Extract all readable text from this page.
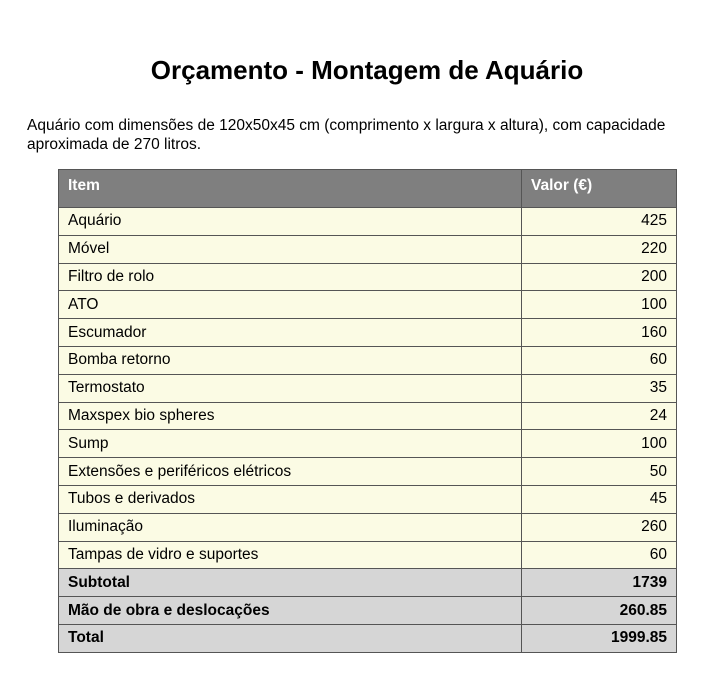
Orçamento - Montagem de Aquário

Aquário com dimensões de 120x50x45 cm (comprimento x largura x altura), com capacidade aproximada de 270 litros.

Item	Valor (€)
Aquário	425
Móvel	220
Filtro de rolo	200
ATO	100
Escumador	160
Bomba retorno	60
Termostato	35
Maxspex bio spheres	24
Sump	100
Extensões e periféricos elétricos	50
Tubos e derivados	45
Iluminação	260
Tampas de vidro e suportes	60
Subtotal	1739
Mão de obra e deslocações	260.85
Total	1999.85
